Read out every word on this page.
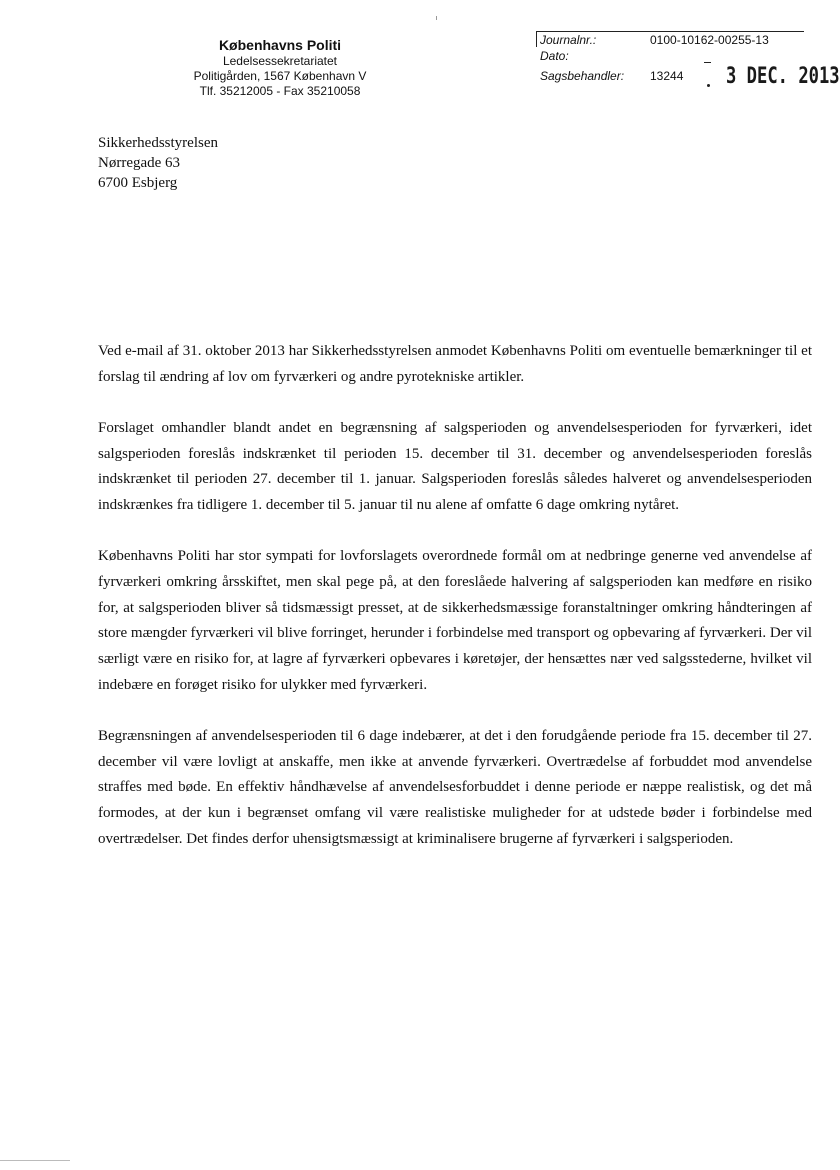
Københavns Politi
Ledelsessekretariatet
Politigården, 1567 København V
Tlf. 35212005 - Fax 35210058
Journalnr.:	0100-10162-00255-13
Dato:
Sagsbehandler: 13244 3 DEC. 2013
Sikkerhedsstyrelsen
Nørregade 63
6700 Esbjerg

Ved e-mail af 31. oktober 2013 har Sikkerhedsstyrelsen anmodet Københavns Politi om eventuelle bemærkninger til et forslag til ændring af lov om fyrværkeri og andre pyrotekniske artikler.

Forslaget omhandler blandt andet en begrænsning af salgsperioden og anvendelsesperioden for fyrværkeri, idet salgsperioden foreslås indskrænket til perioden 15. december til 31. december og anvendelsesperioden foreslås indskrænket til perioden 27. december til 1. januar. Salgsperioden foreslås således halveret og anvendelsesperioden indskrænkes fra tidligere 1. december til 5. januar til nu alene af omfatte 6 dage omkring nytåret.

Københavns Politi har stor sympati for lovforslagets overordnede formål om at nedbringe generne ved anvendelse af fyrværkeri omkring årsskiftet, men skal pege på, at den foreslåede halvering af salgsperioden kan medføre en risiko for, at salgsperioden bliver så tidsmæssigt presset, at de sikkerhedsmæssige foranstaltninger omkring håndteringen af store mængder fyrværkeri vil blive forringet, herunder i forbindelse med transport og opbevaring af fyrværkeri. Der vil særligt være en risiko for, at lagre af fyrværkeri opbevares i køretøjer, der hensættes nær ved salgsstederne, hvilket vil indebære en forøget risiko for ulykker med fyrværkeri.

Begrænsningen af anvendelsesperioden til 6 dage indebærer, at det i den forudgående periode fra 15. december til 27. december vil være lovligt at anskaffe, men ikke at anvende fyrværkeri. Overtrædelse af forbuddet mod anvendelse straffes med bøde. En effektiv håndhævelse af anvendelsesforbuddet i denne periode er næppe realistisk, og det må formodes, at der kun i begrænset omfang vil være realistiske muligheder for at udstede bøder i forbindelse med overtrædelser. Det findes derfor uhensigtsmæssigt at kriminalisere brugerne af fyrværkeri i salgsperioden.
